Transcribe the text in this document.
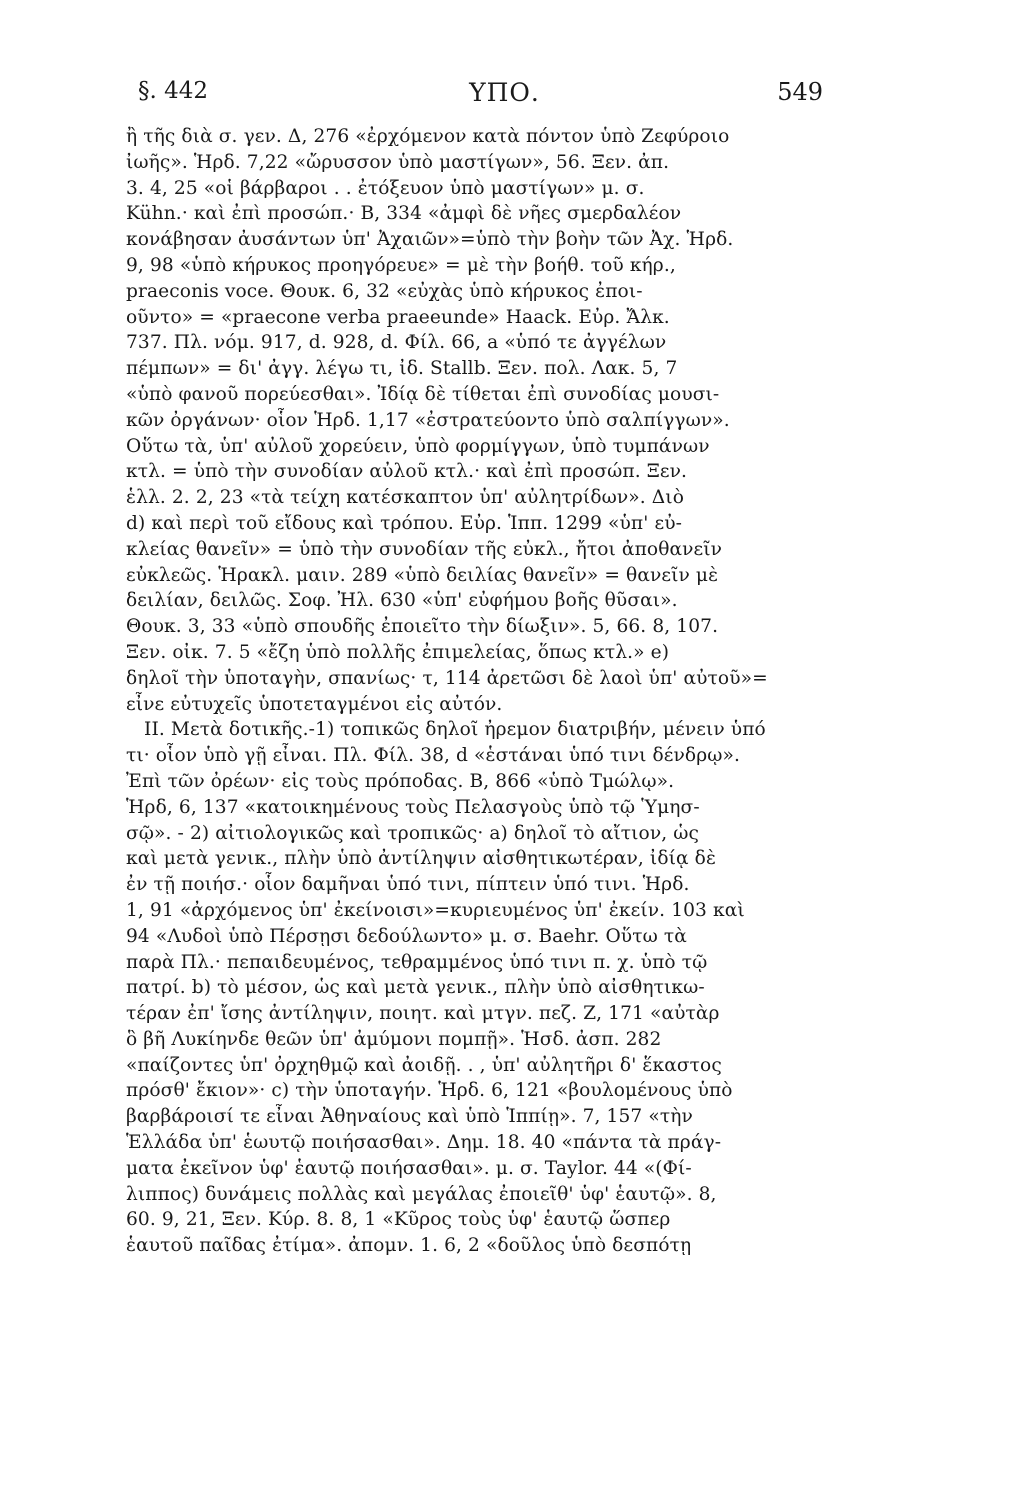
§. 442	ΥΠΟ.	549
ἢ τῆς διὰ σ. γεν. Δ, 276 «ἐρχόμενον κατὰ πόντον ὑπὸ Ζεφύροιο
ἰωῆς». Ἡρδ. 7,22 «ὤρυσσον ὑπὸ μαστίγων», 56. Ξεν. ἀπ.
3. 4, 25 «οἱ βάρβαροι . . ἐτόξευον ὑπὸ μαστίγων» μ. σ.
Kühn.· καὶ ἐπὶ προσώπ.· Β, 334 «ἀμφὶ δὲ νῆες σμερδαλέον
κονάβησαν ἀυσάντων ὑπ' Ἀχαιῶν»=ὑπὸ τὴν βοὴν τῶν Ἀχ. Ἡρδ.
9, 98 «ὑπὸ κήρυκος προηγόρευε» = μὲ τὴν βοήθ. τοῦ κήρ.,
praeconis voce. Θουκ. 6, 32 «εὐχὰς ὑπὸ κήρυκος ἐποι-
οῦντο» = «praecone verba praeeunde» Haack. Εὐρ. Ἄλκ.
737. Πλ. νόμ. 917, d. 928, d. Φίλ. 66, a «ὑπό τε ἀγγέλων
πέμπων» = δι' ἀγγ. λέγω τι, ἰδ. Stallb. Ξεν. πολ. Λακ. 5, 7
«ὑπὸ φανοῦ πορεύεσθαι». Ἰδίᾳ δὲ τίθεται ἐπὶ συνοδίας μουσι-
κῶν ὀργάνων· οἷον Ἡρδ. 1,17 «ἐστρατεύοντο ὑπὸ σαλπίγγων».
Οὕτω τὰ, ὑπ' αὐλοῦ χορεύειν, ὑπὸ φορμίγγων, ὑπὸ τυμπάνων
κτλ. = ὑπὸ τὴν συνοδίαν αὐλοῦ κτλ.· καὶ ἐπὶ προσώπ. Ξεν.
ἑλλ. 2. 2, 23 «τὰ τείχη κατέσκαπτον ὑπ' αὐλητρίδων». Διὸ
d) καὶ περὶ τοῦ εἴδους καὶ τρόπου. Εὐρ. Ἱππ. 1299 «ὑπ' εὐ-
κλείας θανεῖν» = ὑπὸ τὴν συνοδίαν τῆς εὐκλ., ἤτοι ἀποθανεῖν
εὐκλεῶς. Ἡρακλ. μαιν. 289 «ὑπὸ δειλίας θανεῖν» = θανεῖν μὲ
δειλίαν, δειλῶς. Σοφ. Ἠλ. 630 «ὑπ' εὐφήμου βοῆς θῦσαι».
Θουκ. 3, 33 «ὑπὸ σπουδῆς ἐποιεῖτο τὴν δίωξιν». 5, 66. 8, 107.
Ξεν. οἰκ. 7. 5 «ἔζη ὑπὸ πολλῆς ἐπιμελείας, ὅπως κτλ.» e)
δηλοῖ τὴν ὑποταγὴν, σπανίως· τ, 114 ἀρετῶσι δὲ λαοὶ ὑπ' αὐτοῦ»=
εἶνε εὐτυχεῖς ὑποτεταγμένοι εἰς αὐτόν.
II. Μετὰ δοτικῆς.-1) τοπικῶς δηλοῖ ἠρεμον διατριβήν, μένειν ὑπό
τι· οἷον ὑπὸ γῇ εἶναι. Πλ. Φίλ. 38, d «ἑστάναι ὑπό τινι δένδρῳ».
Ἐπὶ τῶν ὀρέων· εἰς τοὺς πρόποδας. Β, 866 «ὑπὸ Τμώλῳ».
Ἡρδ, 6, 137 «κατοικημένους τοὺς Πελασγοὺς ὑπὸ τῷ Ὑμησ-
σῷ». - 2) αἰτιολογικῶς καὶ τροπικῶς· a) δηλοῖ τὸ αἴτιον, ὡς
καὶ μετὰ γενικ., πλὴν ὑπὸ ἀντίληψιν αἰσθητικωτέραν, ἰδίᾳ δὲ
ἐν τῇ ποιήσ.· οἷον δαμῆναι ὑπό τινι, πίπτειν ὑπό τινι. Ἡρδ.
1, 91 «ἀρχόμενος ὑπ' ἐκείνοισι»=κυριευμένος ὑπ' ἐκείν. 103 καὶ
94 «Λυδοὶ ὑπὸ Πέρσῃσι δεδούλωντο» μ. σ. Baehr. Οὕτω τὰ
παρὰ Πλ.· πεπαιδευμένος, τεθραμμένος ὑπό τινι π. χ. ὑπὸ τῷ
πατρί. b) τὸ μέσον, ὡς καὶ μετὰ γενικ., πλὴν ὑπὸ αἰσθητικω-
τέραν ἐπ' ἴσης ἀντίληψιν, ποιητ. καὶ μτγν. πεζ. Ζ, 171 «αὐτὰρ
ὃ βῆ Λυκίηνδε θεῶν ὑπ' ἀμύμονι πομπῇ». Ἡσδ. ἀσπ. 282
«παίζοντες ὑπ' ὀρχηθμῷ καὶ ἀοιδῇ. . , ὑπ' αὐλητῆρι δ' ἕκαστος
πρόσθ' ἔκιον»· c) τὴν ὑποταγήν. Ἡρδ. 6, 121 «βουλομένους ὑπὸ
βαρβάροισί τε εἶναι Ἀθηναίους καὶ ὑπὸ Ἱππίῃ». 7, 157 «τὴν
Ἑλλάδα ὑπ' ἑωυτῷ ποιήσασθαι». Δημ. 18. 40 «πάντα τὰ πράγ-
ματα ἐκεῖνον ὑφ' ἑαυτῷ ποιήσασθαι». μ. σ. Taylor. 44 «(Φί-
λιππος) δυνάμεις πολλὰς καὶ μεγάλας ἐποιεῖθ' ὑφ' ἑαυτῷ». 8,
60. 9, 21, Ξεν. Κύρ. 8. 8, 1 «Κῦρος τοὺς ὑφ' ἑαυτῷ ὥσπερ
ἑαυτοῦ παῖδας ἐτίμα». ἀπομν. 1. 6, 2 «δοῦλος ὑπὸ δεσπότῃ
